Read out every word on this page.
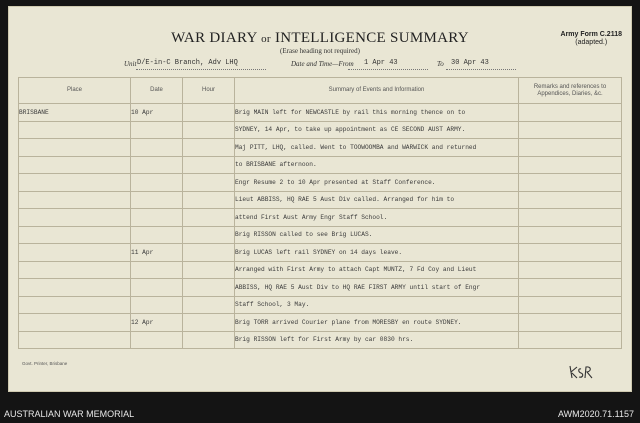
WAR DIARY or INTELLIGENCE SUMMARY
(Erase heading not required)
Army Form C.2118
(adapted.)
Unit D/E-in-C Branch, Adv LHQ	Date and Time—From 1 Apr 43	To 30 Apr 43
Place	Date	Hour	Summary of Events and Information	Remarks and references to Appendices, Diaries, &c.
BRISBANE	10 Apr		Brig MAIN left for NEWCASTLE by rail this morning thence on to	
			SYDNEY, 14 Apr, to take up appointment as CE SECOND AUST ARMY.	
			Maj PITT, LHQ, called. Went to TOOWOOMBA and WARWICK and returned	
			to BRISBANE afternoon.	
			Engr Resume 2 to 10 Apr presented at Staff Conference.	
			Lieut ABBISS, HQ RAE 5 Aust Div called. Arranged for him to	
			attend First Aust Army Engr Staff School.	
			Brig RISSON called to see Brig LUCAS.	
	11 Apr		Brig LUCAS left rail SYDNEY on 14 days leave.	
			Arranged with First Army to attach Capt MUNTZ, 7 Fd Coy and Lieut	
			ABBISS, HQ RAE 5 Aust Div to HQ RAE FIRST ARMY until start of Engr	
			Staff School, 3 May.	
	12 Apr		Brig TORR arrived Courier plane from MORESBY en route SYDNEY.	
			Brig RISSON left for First Army by car 0830 hrs.	
Govt. Printer, Brisbane
AUSTRALIAN WAR MEMORIAL	AWM2020.71.1157
